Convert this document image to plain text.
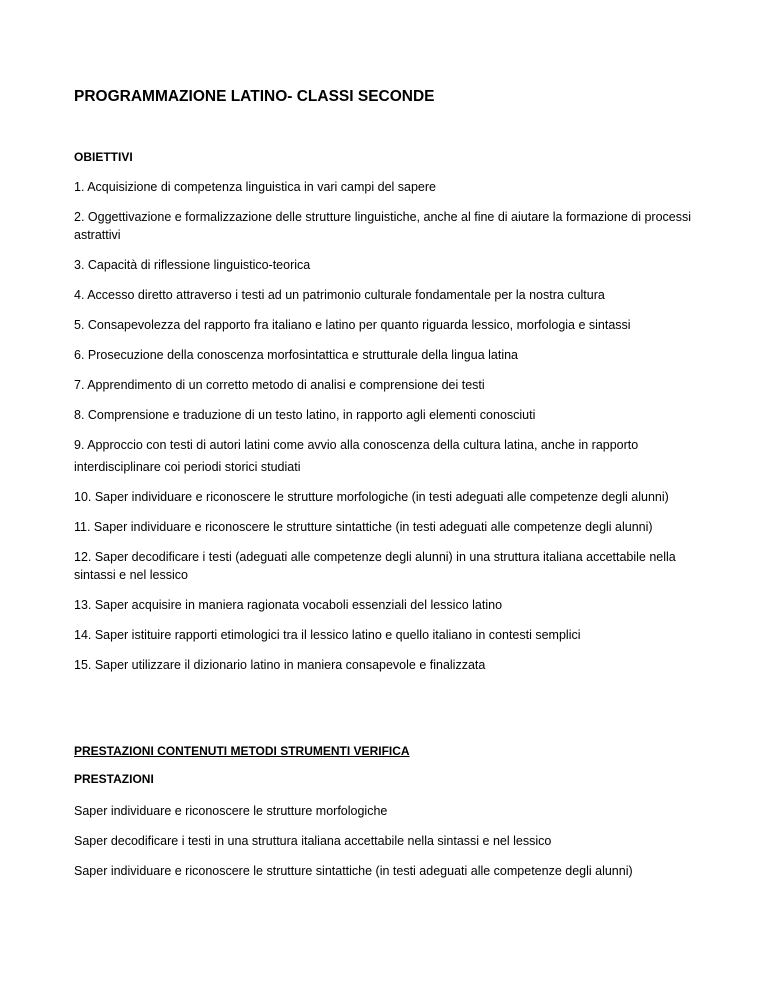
PROGRAMMAZIONE LATINO- CLASSI SECONDE
OBIETTIVI
1. Acquisizione di competenza linguistica in vari campi del sapere
2. Oggettivazione e formalizzazione delle strutture linguistiche, anche al fine di aiutare la formazione di processi astrattivi
3. Capacità di riflessione linguistico-teorica
4. Accesso diretto attraverso i testi ad un patrimonio culturale fondamentale per la nostra cultura
5. Consapevolezza del rapporto fra italiano e latino per quanto riguarda lessico, morfologia e sintassi
6. Prosecuzione della conoscenza morfosintattica e strutturale della lingua latina
7. Apprendimento di un corretto metodo di analisi e comprensione dei testi
8. Comprensione e traduzione di un testo latino, in rapporto agli elementi conosciuti
9. Approccio con testi di autori latini come avvio alla conoscenza della cultura latina, anche in rapporto
interdisciplinare coi periodi storici studiati
10. Saper individuare e riconoscere le strutture morfologiche (in testi adeguati alle competenze degli alunni)
11. Saper individuare e riconoscere le strutture sintattiche (in testi adeguati alle competenze degli alunni)
12. Saper decodificare i testi (adeguati alle competenze degli alunni) in una struttura italiana accettabile nella sintassi e nel lessico
13. Saper acquisire in maniera ragionata vocaboli essenziali del lessico latino
14. Saper istituire rapporti etimologici tra il lessico latino e quello italiano in contesti semplici
15. Saper utilizzare il dizionario latino in maniera consapevole e finalizzata
PRESTAZIONI CONTENUTI METODI STRUMENTI VERIFICA
PRESTAZIONI
Saper individuare e riconoscere le strutture morfologiche
Saper decodificare i testi in una struttura italiana accettabile nella sintassi e nel lessico
Saper individuare e riconoscere le strutture sintattiche (in testi adeguati alle competenze degli alunni)
